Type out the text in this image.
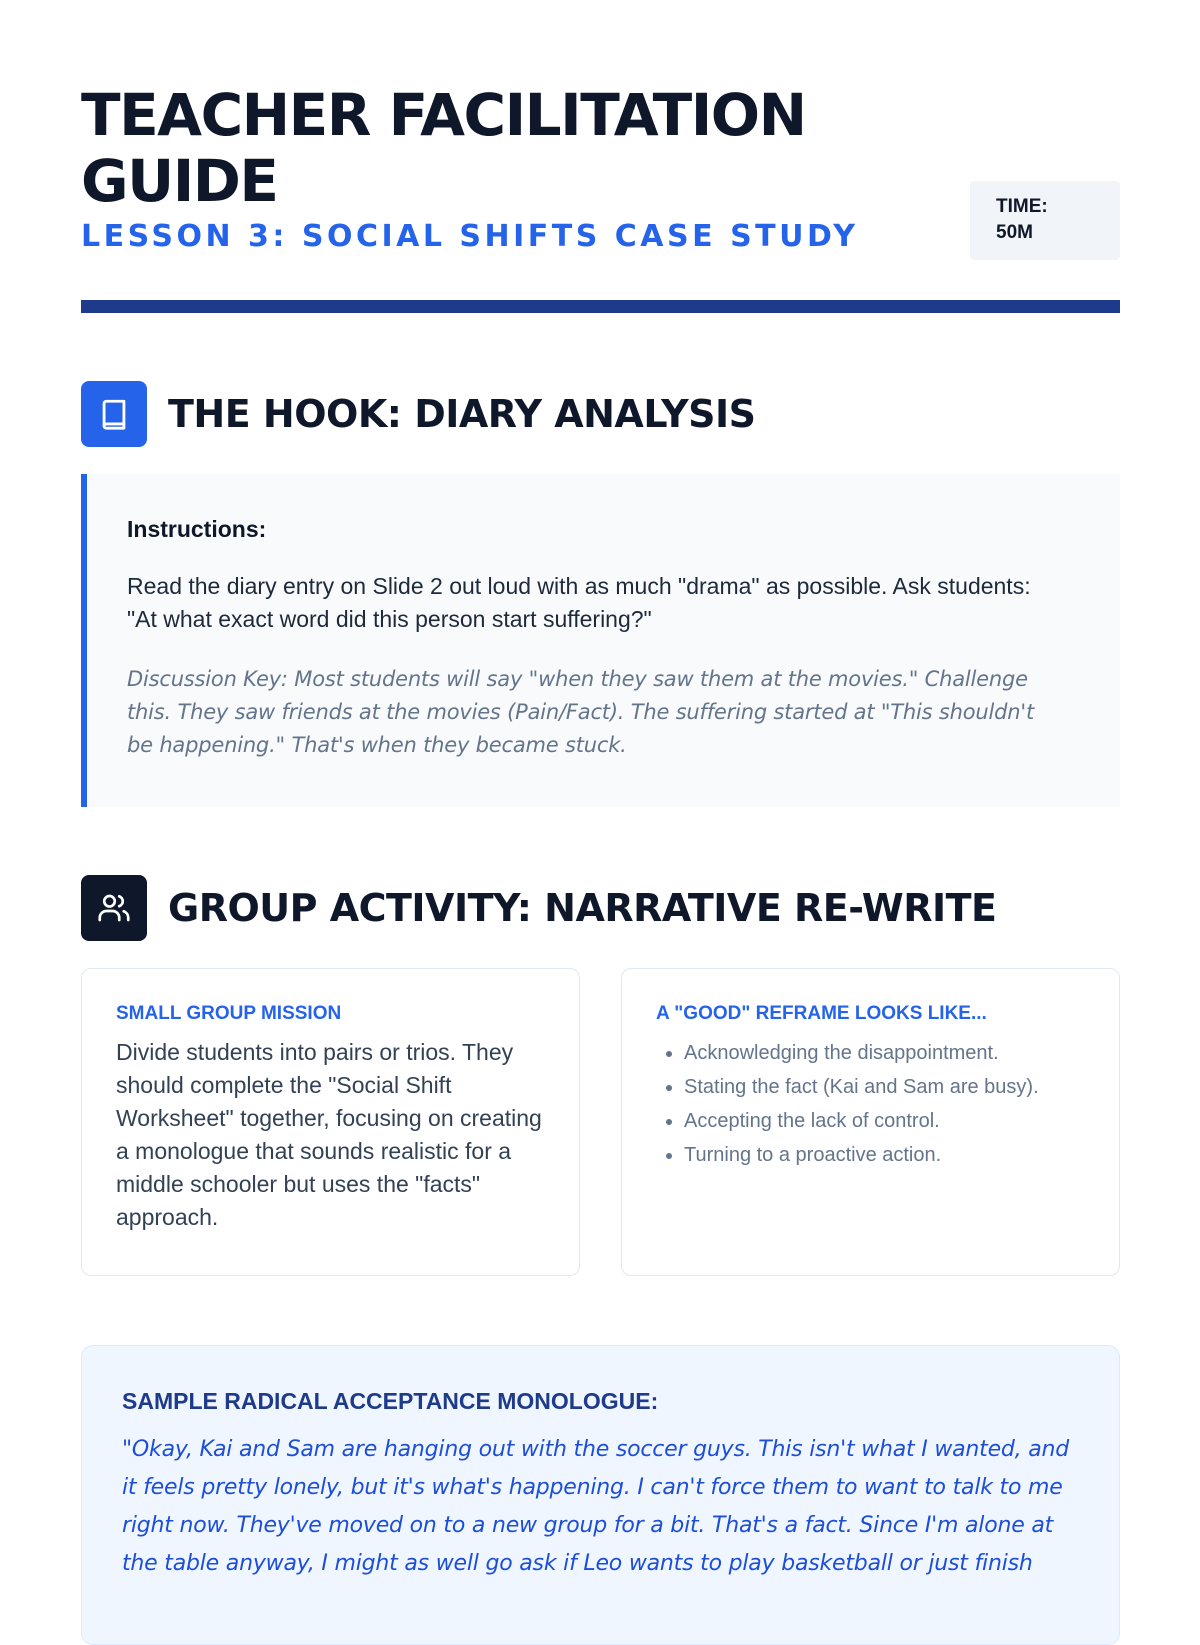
TEACHER FACILITATION GUIDE
LESSON 3: SOCIAL SHIFTS CASE STUDY
TIME:
50M
THE HOOK: DIARY ANALYSIS

Instructions:

Read the diary entry on Slide 2 out loud with as much "drama" as possible. Ask students: "At what exact word did this person start suffering?"

Discussion Key: Most students will say "when they saw them at the movies." Challenge this. They saw friends at the movies (Pain/Fact). The suffering started at "This shouldn't be happening." That's when they became stuck.

GROUP ACTIVITY: NARRATIVE RE-WRITE

SMALL GROUP MISSION

Divide students into pairs or trios. They should complete the "Social Shift Worksheet" together, focusing on creating a monologue that sounds realistic for a middle schooler but uses the "facts" approach.

A "GOOD" REFRAME LOOKS LIKE...

• Acknowledging the disappointment.
• Stating the fact (Kai and Sam are busy).
• Accepting the lack of control.
• Turning to a proactive action.

SAMPLE RADICAL ACCEPTANCE MONOLOGUE:

"Okay, Kai and Sam are hanging out with the soccer guys. This isn't what I wanted, and it feels pretty lonely, but it's what's happening. I can't force them to want to talk to me right now. They've moved on to a new group for a bit. That's a fact. Since I'm alone at the table anyway, I might as well go ask if Leo wants to play basketball or just finish
